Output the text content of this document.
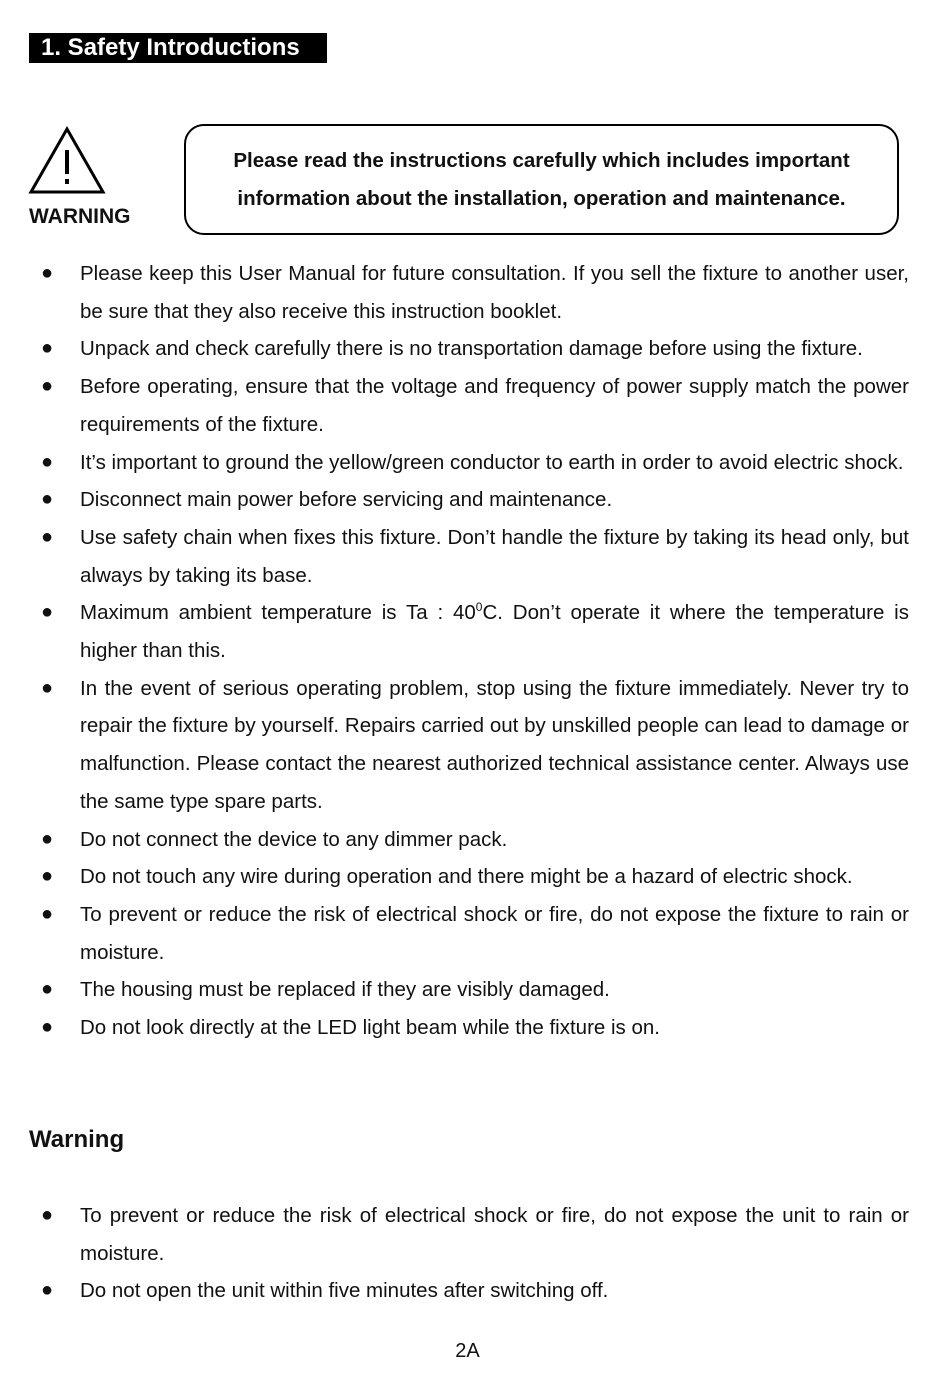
1. Safety Introductions
WARNING
Please read the instructions carefully which includes important information about the installation, operation and maintenance.
● Please keep this User Manual for future consultation. If you sell the fixture to another user, be sure that they also receive this instruction booklet.
● Unpack and check carefully there is no transportation damage before using the fixture.
● Before operating, ensure that the voltage and frequency of power supply match the power requirements of the fixture.
● It’s important to ground the yellow/green conductor to earth in order to avoid electric shock.
● Disconnect main power before servicing and maintenance.
● Use safety chain when fixes this fixture. Don’t handle the fixture by taking its head only, but always by taking its base.
● Maximum ambient temperature is Ta : $40^0C$. Don’t operate it where the temperature is higher than this.
● In the event of serious operating problem, stop using the fixture immediately. Never try to repair the fixture by yourself. Repairs carried out by unskilled people can lead to damage or malfunction. Please contact the nearest authorized technical assistance center. Always use the same type spare parts.
● Do not connect the device to any dimmer pack.
● Do not touch any wire during operation and there might be a hazard of electric shock.
● To prevent or reduce the risk of electrical shock or fire, do not expose the fixture to rain or moisture.
● The housing must be replaced if they are visibly damaged.
● Do not look directly at the LED light beam while the fixture is on.
Warning
● To prevent or reduce the risk of electrical shock or fire, do not expose the unit to rain or moisture.
● Do not open the unit within five minutes after switching off.
2A
